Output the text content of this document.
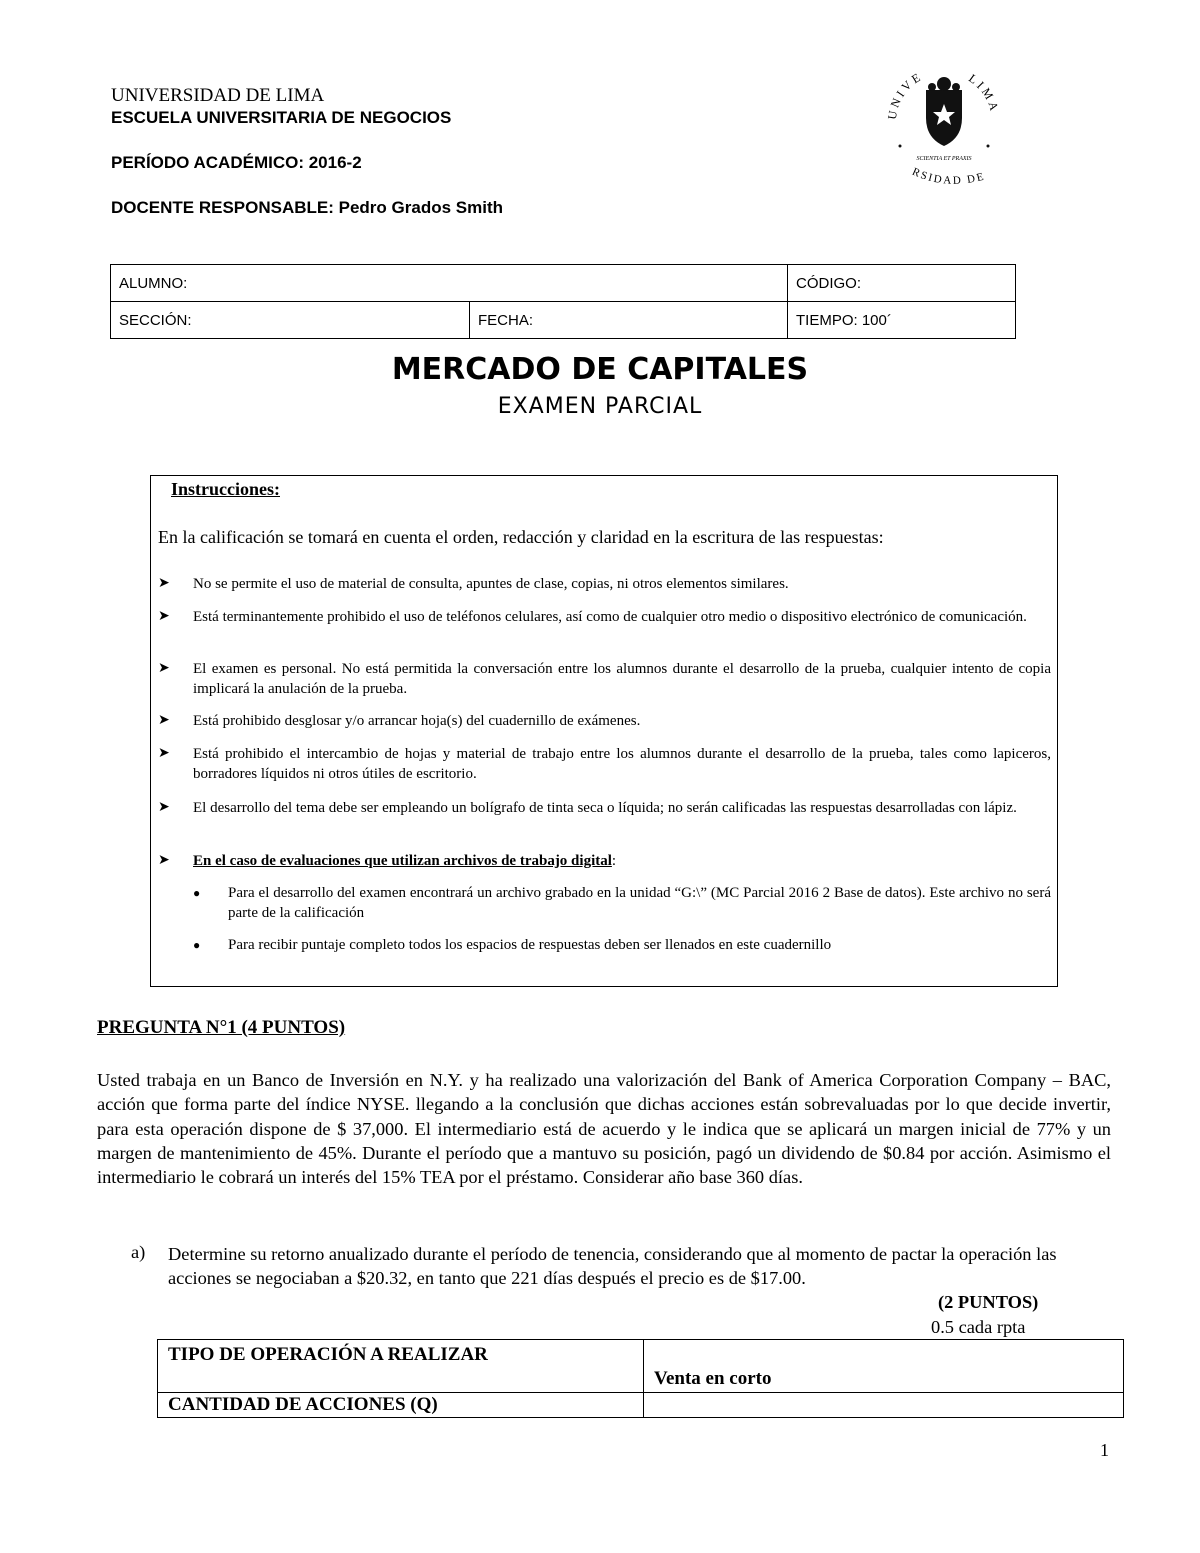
UNIVERSIDAD DE LIMA
ESCUELA UNIVERSITARIA DE NEGOCIOS
PERÍODO ACADÉMICO: 2016-2
DOCENTE RESPONSABLE: Pedro Grados Smith
UNIVE	LIMA
RSIDAD DE
SCIENTIA ET PRAXIS
ALUMNO:		CÓDIGO:
SECCIÓN:	FECHA:	TIEMPO: 100´
MERCADO DE CAPITALES
EXAMEN PARCIAL
Instrucciones:
En la calificación se tomará en cuenta el orden, redacción y claridad en la escritura de las respuestas:
➤ No se permite el uso de material de consulta, apuntes de clase, copias, ni otros elementos similares.
➤ Está terminantemente prohibido el uso de teléfonos celulares, así como de cualquier otro medio o dispositivo electrónico de comunicación.
➤ El examen es personal. No está permitida la conversación entre los alumnos durante el desarrollo de la prueba, cualquier intento de copia implicará la anulación de la prueba.
➤ Está prohibido desglosar y/o arrancar hoja(s) del cuadernillo de exámenes.
➤ Está prohibido el intercambio de hojas y material de trabajo entre los alumnos durante el desarrollo de la prueba, tales como lapiceros, borradores líquidos ni otros útiles de escritorio.
➤ El desarrollo del tema debe ser empleando un bolígrafo de tinta seca o líquida; no serán calificadas las respuestas desarrolladas con lápiz.
➤ En el caso de evaluaciones que utilizan archivos de trabajo digital:
● Para el desarrollo del examen encontrará un archivo grabado en la unidad “G:\” (MC Parcial 2016 2 Base de datos). Este archivo no será parte de la calificación
● Para recibir puntaje completo todos los espacios de respuestas deben ser llenados en este cuadernillo
PREGUNTA N°1 (4 PUNTOS)
Usted trabaja en un Banco de Inversión en N.Y. y ha realizado una valorización del Bank of America Corporation Company – BAC, acción que forma parte del índice NYSE. llegando a la conclusión que dichas acciones están sobrevaluadas por lo que decide invertir, para esta operación dispone de $ 37,000. El intermediario está de acuerdo y le indica que se aplicará un margen inicial de 77% y un margen de mantenimiento de 45%. Durante el período que a mantuvo su posición, pagó un dividendo de $0.84 por acción. Asimismo el intermediario le cobrará un interés del 15% TEA por el préstamo. Considerar año base 360 días.
a) Determine su retorno anualizado durante el período de tenencia, considerando que al momento de pactar la operación las acciones se negociaban a $20.32, en tanto que 221 días después el precio es de $17.00.
(2 PUNTOS)
0.5 cada rpta
TIPO DE OPERACIÓN A REALIZAR	Venta en corto
CANTIDAD DE ACCIONES (Q)	
1
